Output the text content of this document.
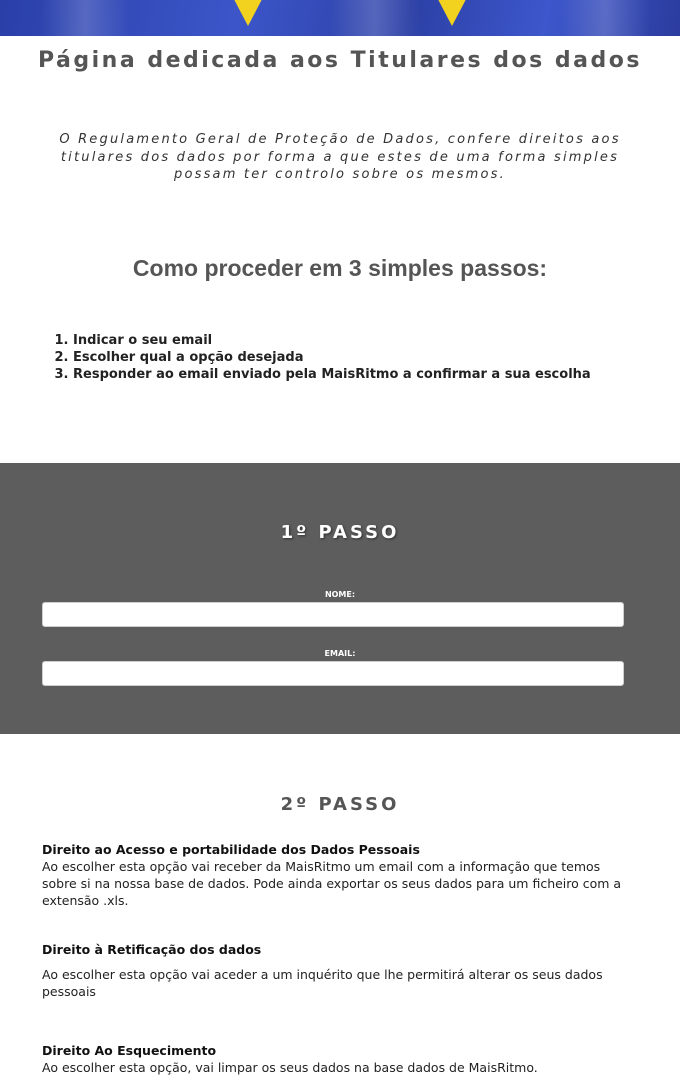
Página dedicada aos Titulares dos dados

O Regulamento Geral de Proteção de Dados, confere direitos aos titulares dos dados por forma a que estes de uma forma simples possam ter controlo sobre os mesmos.

Como proceder em 3 simples passos:
1. Indicar o seu email
2. Escolher qual a opção desejada
3. Responder ao email enviado pela MaisRitmo a confirmar a sua escolha
1º PASSO
NOME:
EMAIL:
2º PASSO
Direito ao Acesso e portabilidade dos Dados Pessoais
Ao escolher esta opção vai receber da MaisRitmo um email com a informação que temos sobre si na nossa base de dados. Pode ainda exportar os seus dados para um ficheiro com a extensão .xls.
Direito à Retificação dos dados
Ao escolher esta opção vai aceder a um inquérito que lhe permitirá alterar os seus dados pessoais
Direito Ao Esquecimento
Ao escolher esta opção, vai limpar os seus dados na base dados de MaisRitmo.
